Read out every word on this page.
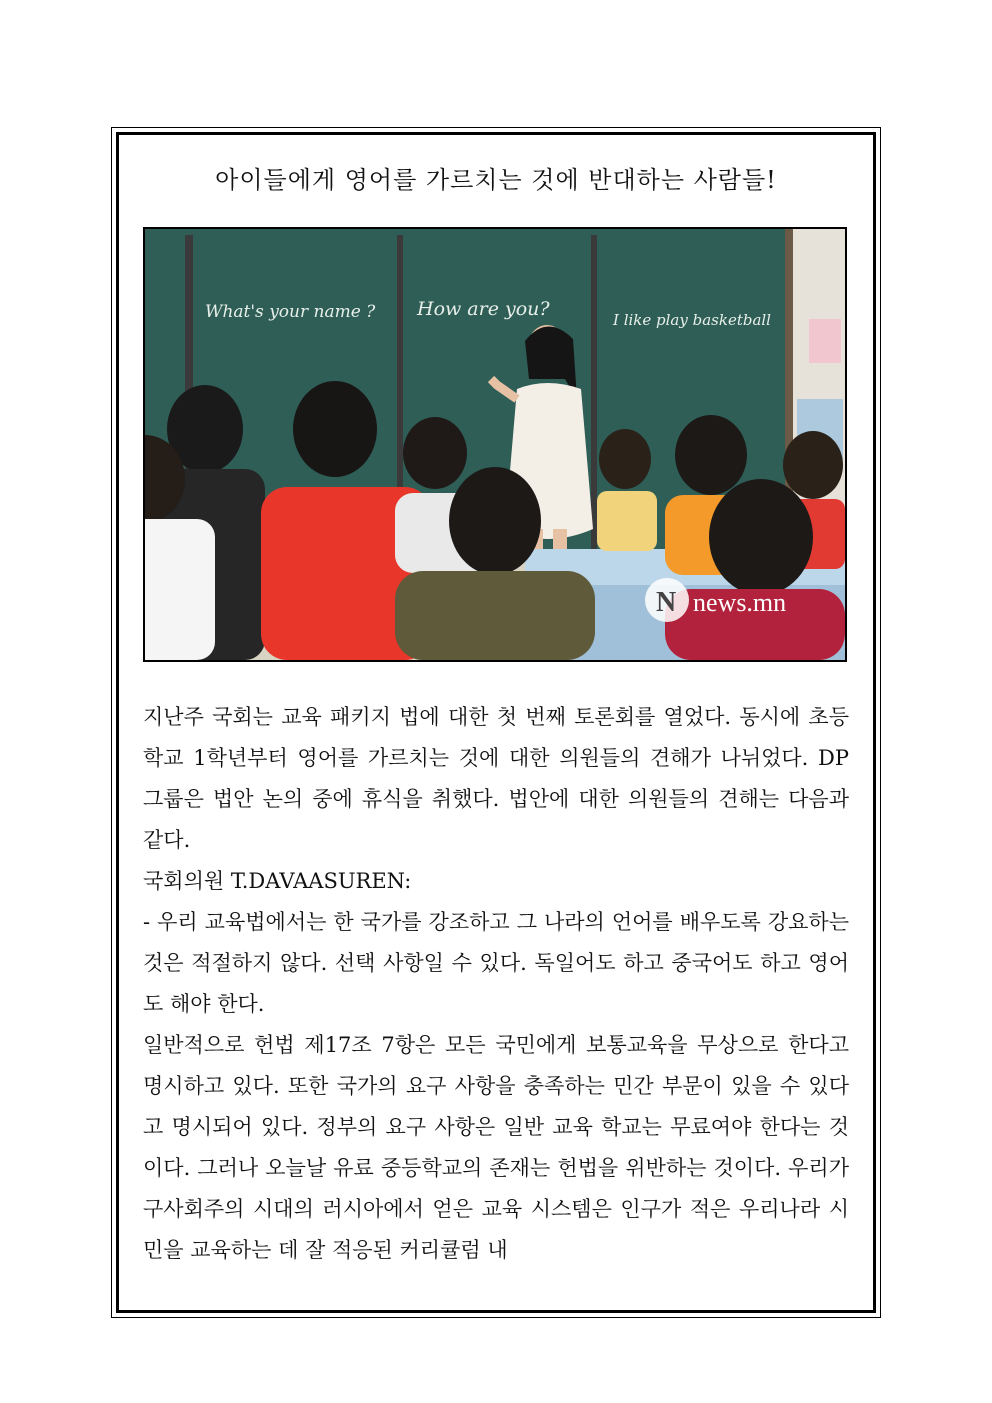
아이들에게 영어를 가르치는 것에 반대하는 사람들!
What's your name ? How are you?	I like play basketball
N news.mn

지난주 국회는 교육 패키지 법에 대한 첫 번째 토론회를 열었다. 동시에 초등학교 1학년부터 영어를 가르치는 것에 대한 의원들의 견해가 나뉘었다. DP 그룹은 법안 논의 중에 휴식을 취했다. 법안에 대한 의원들의 견해는 다음과 같다.

국회의원 T.DAVAASUREN:

- 우리 교육법에서는 한 국가를 강조하고 그 나라의 언어를 배우도록 강요하는 것은 적절하지 않다. 선택 사항일 수 있다. 독일어도 하고 중국어도 하고 영어도 해야 한다.

일반적으로 헌법 제17조 7항은 모든 국민에게 보통교육을 무상으로 한다고 명시하고 있다. 또한 국가의 요구 사항을 충족하는 민간 부문이 있을 수 있다고 명시되어 있다. 정부의 요구 사항은 일반 교육 학교는 무료여야 한다는 것이다. 그러나 오늘날 유료 중등학교의 존재는 헌법을 위반하는 것이다. 우리가 구사회주의 시대의 러시아에서 얻은 교육 시스템은 인구가 적은 우리나라 시민을 교육하는 데 잘 적응된 커리큘럼 내
